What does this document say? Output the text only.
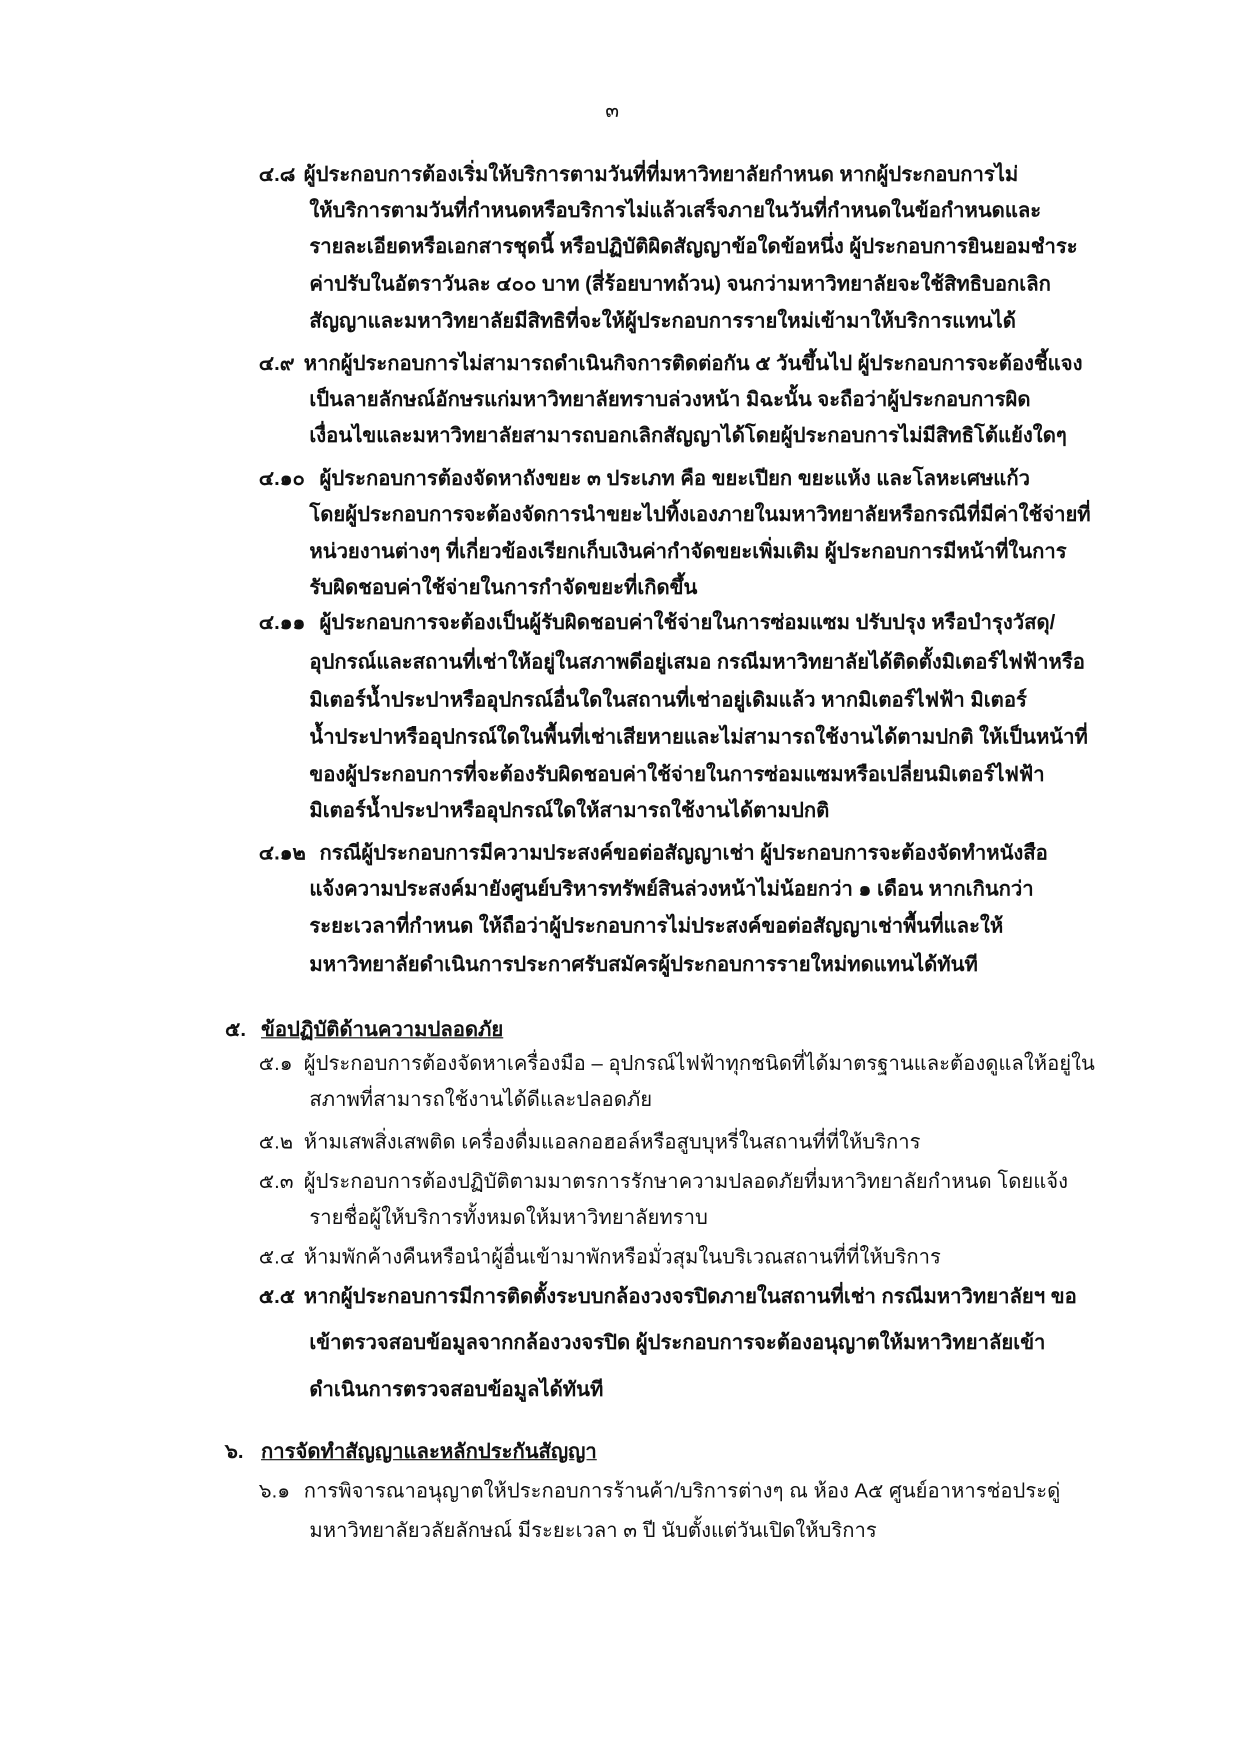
๓
๕. ข้อปฏิบัติด้านความปลอดภัย
๖. การจัดทำสัญญาและหลักประกันสัญญา
๔.๘ ผู้ประกอบการต้องเริ่มให้บริการตามวันที่ที่มหาวิทยาลัยกำหนด หากผู้ประกอบการไม่
ให้บริการตามวันที่กำหนดหรือบริการไม่แล้วเสร็จภายในวันที่กำหนดในข้อกำหนดและ
รายละเอียดหรือเอกสารชุดนี้ หรือปฏิบัติผิดสัญญาข้อใดข้อหนึ่ง ผู้ประกอบการยินยอมชำระ
ค่าปรับในอัตราวันละ ๔๐๐ บาท (สี่ร้อยบาทถ้วน) จนกว่ามหาวิทยาลัยจะใช้สิทธิบอกเลิก
สัญญาและมหาวิทยาลัยมีสิทธิที่จะให้ผู้ประกอบการรายใหม่เข้ามาให้บริการแทนได้
๔.๙ หากผู้ประกอบการไม่สามารถดำเนินกิจการติดต่อกัน ๕ วันขึ้นไป ผู้ประกอบการจะต้องชี้แจง
เป็นลายลักษณ์อักษรแก่มหาวิทยาลัยทราบล่วงหน้า มิฉะนั้น จะถือว่าผู้ประกอบการผิด
เงื่อนไขและมหาวิทยาลัยสามารถบอกเลิกสัญญาได้โดยผู้ประกอบการไม่มีสิทธิโต้แย้งใดๆ
๔.๑๐ ผู้ประกอบการต้องจัดหาถังขยะ ๓ ประเภท คือ ขยะเปียก ขยะแห้ง และโลหะเศษแก้ว
โดยผู้ประกอบการจะต้องจัดการนำขยะไปทิ้งเองภายในมหาวิทยาลัยหรือกรณีที่มีค่าใช้จ่ายที่
หน่วยงานต่างๆ ที่เกี่ยวข้องเรียกเก็บเงินค่ากำจัดขยะเพิ่มเติม ผู้ประกอบการมีหน้าที่ในการ
รับผิดชอบค่าใช้จ่ายในการกำจัดขยะที่เกิดขึ้น
๔.๑๑ ผู้ประกอบการจะต้องเป็นผู้รับผิดชอบค่าใช้จ่ายในการซ่อมแซม ปรับปรุง หรือบำรุงวัสดุ/
อุปกรณ์และสถานที่เช่าให้อยู่ในสภาพดีอยู่เสมอ กรณีมหาวิทยาลัยได้ติดตั้งมิเตอร์ไฟฟ้าหรือ
มิเตอร์น้ำประปาหรืออุปกรณ์อื่นใดในสถานที่เช่าอยู่เดิมแล้ว หากมิเตอร์ไฟฟ้า มิเตอร์
น้ำประปาหรืออุปกรณ์ใดในพื้นที่เช่าเสียหายและไม่สามารถใช้งานได้ตามปกติ ให้เป็นหน้าที่
ของผู้ประกอบการที่จะต้องรับผิดชอบค่าใช้จ่ายในการซ่อมแซมหรือเปลี่ยนมิเตอร์ไฟฟ้า
มิเตอร์น้ำประปาหรืออุปกรณ์ใดให้สามารถใช้งานได้ตามปกติ
๔.๑๒ กรณีผู้ประกอบการมีความประสงค์ขอต่อสัญญาเช่า ผู้ประกอบการจะต้องจัดทำหนังสือ
แจ้งความประสงค์มายังศูนย์บริหารทรัพย์สินล่วงหน้าไม่น้อยกว่า ๑ เดือน หากเกินกว่า
ระยะเวลาที่กำหนด ให้ถือว่าผู้ประกอบการไม่ประสงค์ขอต่อสัญญาเช่าพื้นที่และให้
มหาวิทยาลัยดำเนินการประกาศรับสมัครผู้ประกอบการรายใหม่ทดแทนได้ทันที
๕.๑ ผู้ประกอบการต้องจัดหาเครื่องมือ – อุปกรณ์ไฟฟ้าทุกชนิดที่ได้มาตรฐานและต้องดูแลให้อยู่ใน
สภาพที่สามารถใช้งานได้ดีและปลอดภัย
๕.๒ ห้ามเสพสิ่งเสพติด เครื่องดื่มแอลกอฮอล์หรือสูบบุหรี่ในสถานที่ที่ให้บริการ
๕.๓ ผู้ประกอบการต้องปฏิบัติตามมาตรการรักษาความปลอดภัยที่มหาวิทยาลัยกำหนด โดยแจ้ง
รายชื่อผู้ให้บริการทั้งหมดให้มหาวิทยาลัยทราบ
๕.๔ ห้ามพักค้างคืนหรือนำผู้อื่นเข้ามาพักหรือมั่วสุมในบริเวณสถานที่ที่ให้บริการ
๕.๕ หากผู้ประกอบการมีการติดตั้งระบบกล้องวงจรปิดภายในสถานที่เช่า กรณีมหาวิทยาลัยฯ ขอ
เข้าตรวจสอบข้อมูลจากกล้องวงจรปิด ผู้ประกอบการจะต้องอนุญาตให้มหาวิทยาลัยเข้า
ดำเนินการตรวจสอบข้อมูลได้ทันที
๖.๑ การพิจารณาอนุญาตให้ประกอบการร้านค้า/บริการต่างๆ ณ ห้อง A๕ ศูนย์อาหารช่อประดู่
มหาวิทยาลัยวลัยลักษณ์ มีระยะเวลา ๓ ปี นับตั้งแต่วันเปิดให้บริการ
